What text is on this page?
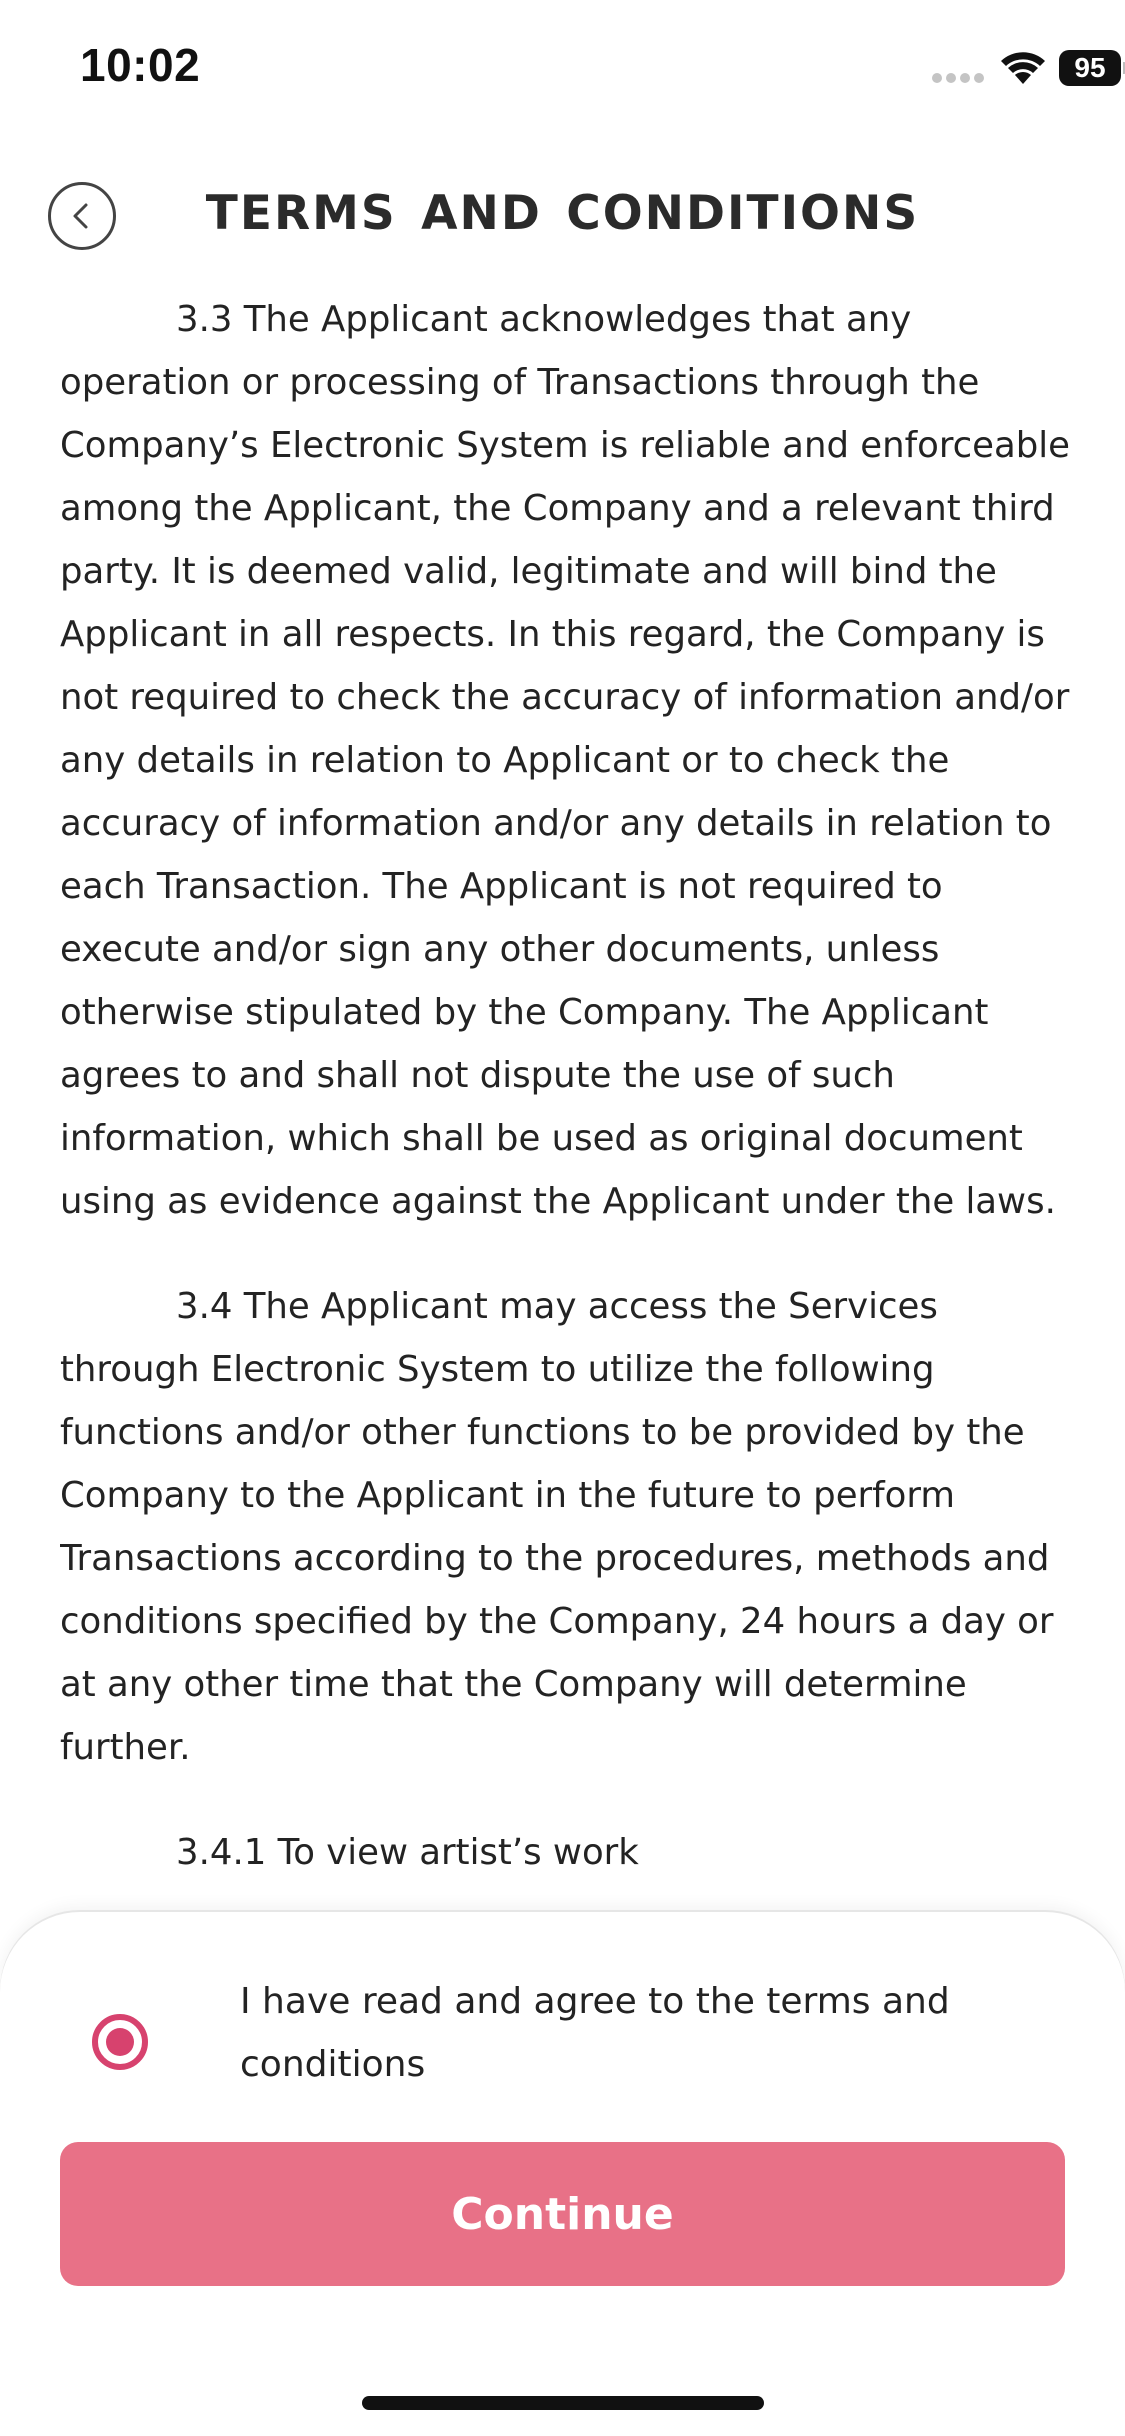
10:02	95
TERMS AND CONDITIONS

3.3 The Applicant acknowledges that any operation or processing of Transactions through the Company’s Electronic System is reliable and enforceable among the Applicant, the Company and a relevant third party. It is deemed valid, legitimate and will bind the Applicant in all respects. In this regard, the Company is not required to check the accuracy of information and/or any details in relation to Applicant or to check the accuracy of information and/or any details in relation to each Transaction. The Applicant is not required to execute and/or sign any other documents, unless otherwise stipulated by the Company. The Applicant agrees to and shall not dispute the use of such information, which shall be used as original document using as evidence against the Applicant under the laws.

3.4 The Applicant may access the Services through Electronic System to utilize the following functions and/or other functions to be provided by the Company to the Applicant in the future to perform Transactions according to the procedures, methods and conditions specified by the Company, 24 hours a day or at any other time that the Company will determine further.

3.4.1 To view artist’s work

I have read and agree to the terms and conditions
Continue
